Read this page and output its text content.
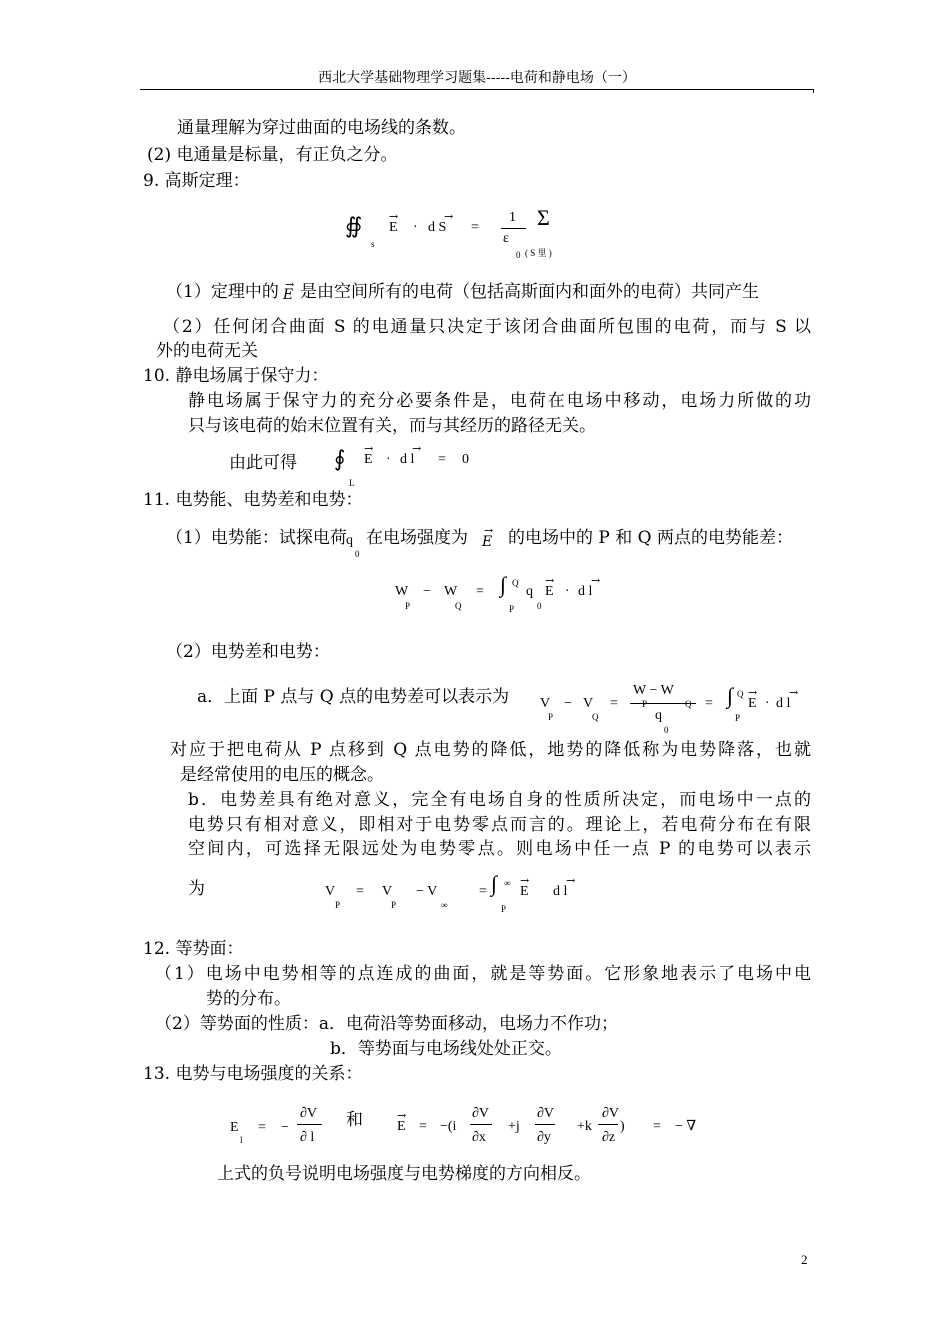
西北大学基础物理学习题集-----电荷和静电场（一）
通量理解为穿过曲面的电场线的条数。
(2) 电通量是标量，有正负之分。
9. 高斯定理：
∯
s
→
E ·
→
d S =
1
ε
0
Σ
( S 里 )
（1）定理中的 →
E 是由空间所有的电荷（包括高斯面内和面外的电荷）共同产生
（2）任何闭合曲面 S 的电通量只决定于该闭合曲面所包围的电荷，而与 S 以
外的电荷无关
10. 静电场属于保守力：
静电场属于保守力的充分必要条件是，电荷在电场中移动，电场力所做的功
只与该电荷的始末位置有关，而与其经历的路径无关。
由此可得 ∮
L
→
E ·
→
d l = 0
11. 电势能、电势差和电势：
（1）电势能：试探电荷 q
0
在电场强度为 →
E 的电场中的 P 和 Q 两点的电势能差：
W
P
− W
Q
= ∫ Q
P
q
0
→
E ·
→
d l
（2）电势差和电势：
a．上面 P 点与 Q 点的电势差可以表示为 V
P
− V
Q
=
W − W
P	Q
q
0
= ∫ Q
P
→
E ·
→
d l
对应于把电荷从 P 点移到 Q 点电势的降低，地势的降低称为电势降落，也就
是经常使用的电压的概念。
b．电势差具有绝对意义，完全有电场自身的性质所决定，而电场中一点的
电势只有相对意义，即相对于电势零点而言的。理论上，若电荷分布在有限
空间内，可选择无限远处为电势零点。则电场中任一点 P 的电势可以表示
为	V
P
= V
P
− V
∞
= ∫ ∞
P
→
E
→
d l
12. 等势面：
（1）电场中电势相等的点连成的曲面，就是等势面。它形象地表示了电场中电
势的分布。
（2）等势面的性质：a．电荷沿等势面移动，电场力不作功；
b．等势面与电场线处处正交。
13. 电势与电场强度的关系：
E
l
= −
∂V
∂ l
和	→
E = −(i
∂V
∂x
+j
∂V
∂y
+k
∂V
∂z
) = − ∇
上式的负号说明电场强度与电势梯度的方向相反。
2
